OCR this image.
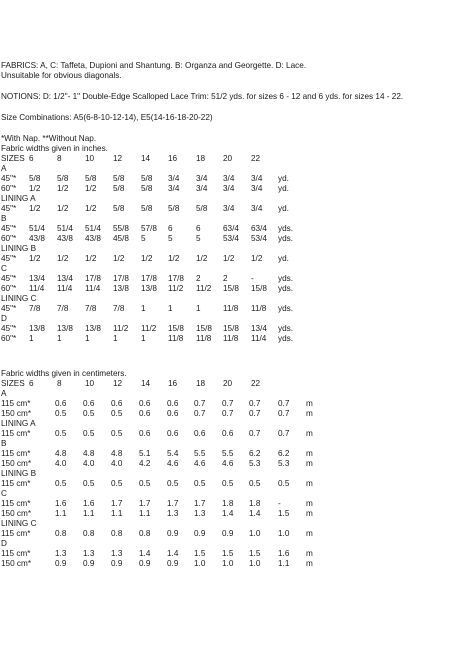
FABRICS: A, C: Taffeta, Dupioni and Shantung. B: Organza and Georgette. D: Lace.
Unsuitable for obvious diagonals.
NOTIONS: D: 1/2"- 1" Double-Edge Scalloped Lace Trim: 51/2 yds. for sizes 6 - 12 and 6 yds. for sizes 14 - 22.
Size Combinations: A5(6-8-10-12-14), E5(14-16-18-20-22)
*With Nap. **Without Nap.
Fabric widths given in inches.
SIZES 6	8	10 12 14 16 18 20 22
A
45"* 5/8 5/8 5/8 5/8 5/8 3/4 3/4 3/4 3/4 yd.
60"* 1/2 1/2 1/2 5/8 5/8 3/4 3/4 3/4 3/4 yd.
LINING A
45"* 1/2 1/2 1/2 5/8 5/8 5/8 5/8 3/4 3/4 yd.
B
45"* 51/4 51/4 51/4 55/8 57/8 6	6	63/4 63/4 yds.
60"* 43/8 43/8 43/8 45/8 5	5	5	53/4 53/4 yds.
LINING B
45"* 1/2 1/2 1/2 1/2 1/2 1/2 1/2 1/2 1/2 yd.
C
45"* 13/4 13/4 17/8 17/8 17/8 17/8 2	2	-	yds.
60"* 11/4 11/4 11/4 13/8 13/8 11/2 11/2 15/8 15/8 yds.
LINING C
45"* 7/8 7/8 7/8 7/8 1	1	1	11/8 11/8 yds.
D
45"* 13/8 13/8 13/8 11/2 11/2 15/8 15/8 15/8 13/4 yds.
60"* 1	1	1	1	1	11/8 11/8 11/8 11/4 yds.
Fabric widths given in centimeters.
SIZES 6	8	10 12 14 16 18 20 22
A
115 cm*	0.6 0.6 0.6 0.6 0.6 0.7 0.7 0.7 0.7 m
150 cm*	0.5 0.5 0.5 0.6 0.6 0.7 0.7 0.7 0.7 m
LINING A
115 cm*	0.5 0.5 0.5 0.6 0.6 0.6 0.6 0.7 0.7 m
B
115 cm*	4.8 4.8 4.8 5.1 5.4 5.5 5.5 6.2 6.2 m
150 cm*	4.0 4.0 4.0 4.2 4.6 4.6 4.6 5.3 5.3 m
LINING B
115 cm*	0.5 0.5 0.5 0.5 0.5 0.5 0.5 0.5 0.5 m
C
115 cm*	1.6 1.6 1.7 1.7 1.7 1.7 1.8 1.8 -	m
150 cm*	1.1 1.1 1.1 1.1 1.3 1.3 1.4 1.4 1.5 m
LINING C
115 cm*	0.8 0.8 0.8 0.8 0.9 0.9 0.9 1.0 1.0 m
D
115 cm*	1.3 1.3 1.3 1.4 1.4 1.5 1.5 1.5 1.6 m
150 cm*	0.9 0.9 0.9 0.9 0.9 1.0 1.0 1.0 1.1 m
